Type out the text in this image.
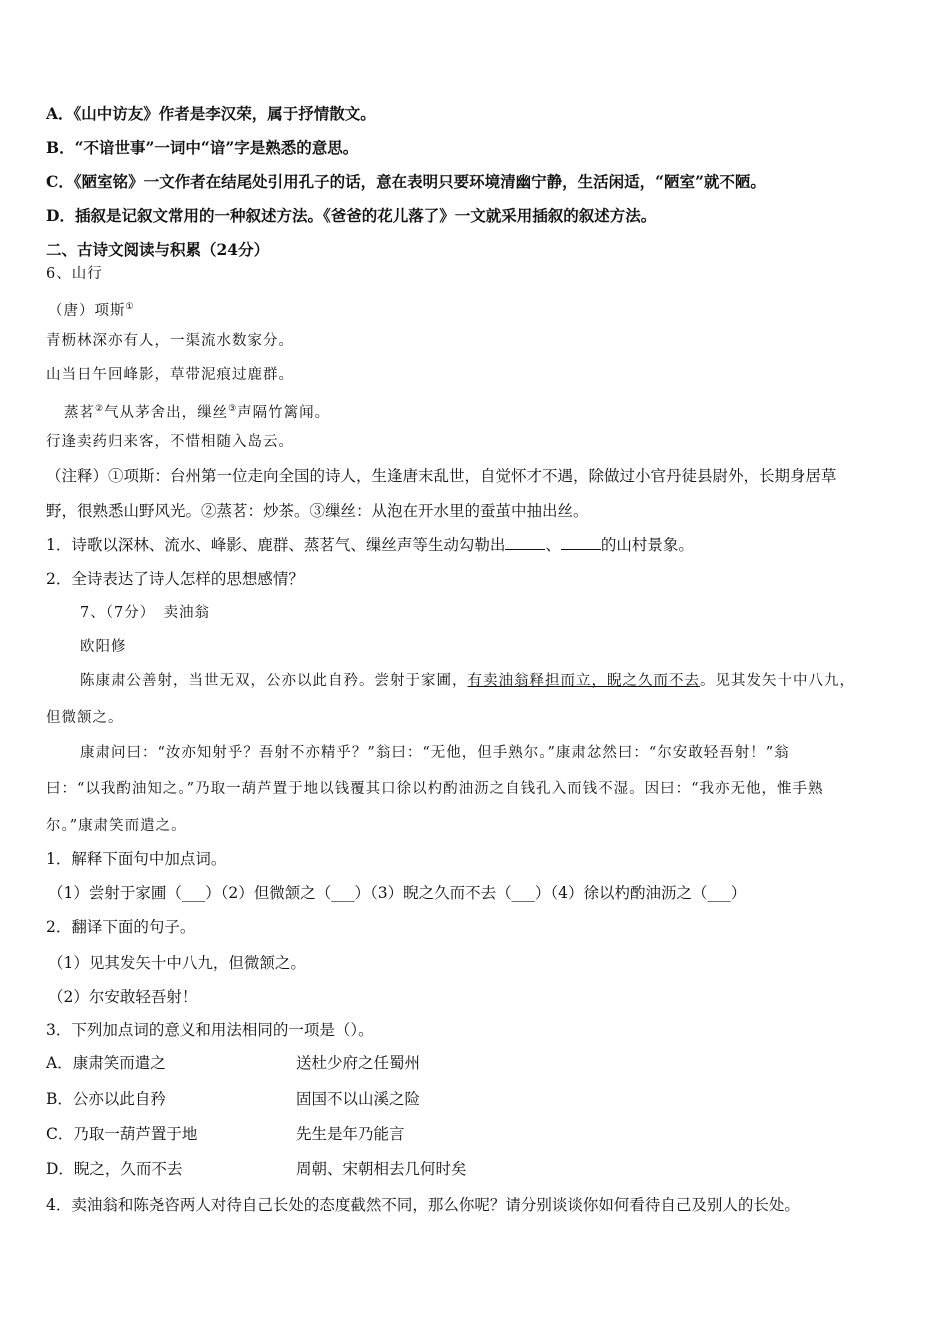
A．《山中访友》作者是李汉荣，属于抒情散文。
B．“不谙世事”一词中“谙”字是熟悉的意思。
C．《陋室铭》一文作者在结尾处引用孔子的话，意在表明只要环境清幽宁静，生活闲适，“陋室”就不陋。
D．插叙是记叙文常用的一种叙述方法。《爸爸的花儿落了》一文就采用插叙的叙述方法。
二、古诗文阅读与积累（24分）
6、山行
（唐）项斯①
青枥林深亦有人，一渠流水数家分。
山当日午回峰影，草带泥痕过鹿群。
蒸茗②气从茅舍出，缫丝③声隔竹篱闻。
行逢卖药归来客，不惜相随入岛云。
（注释）①项斯：台州第一位走向全国的诗人，生逢唐末乱世，自觉怀才不遇，除做过小官丹徒县尉外，长期身居草
野，很熟悉山野风光。②蒸茗：炒茶。③缫丝：从泡在开水里的蚕茧中抽出丝。
1．诗歌以深林、流水、峰影、鹿群、蒸茗气、缫丝声等生动勾勒出	、	的山村景象。
2．全诗表达了诗人怎样的思想感情？
7、（7分）　卖油翁
欧阳修
陈康肃公善射，当世无双，公亦以此自矜。尝射于家圃，有卖油翁释担而立，睨之久而不去。见其发矢十中八九，
但微颔之。
康肃问曰：“汝亦知射乎？吾射不亦精乎？”翁曰：“无他，但手熟尔。”康肃忿然曰：“尔安敢轻吾射！”翁
曰：“以我酌油知之。”乃取一葫芦置于地以钱覆其口徐以杓酌油沥之自钱孔入而钱不湿。因曰：“我亦无他，惟手熟
尔。”康肃笑而遣之。
1．解释下面句中加点词。
（1）尝射于家圃（___）（2）但微颔之（___）（3）睨之久而不去（___）（4）徐以杓酌油沥之（___）
2．翻译下面的句子。
（1）见其发矢十中八九，但微颔之。
（2）尔安敢轻吾射！
3．下列加点词的意义和用法相同的一项是（）。
A．康肃笑而遣之	送杜少府之任蜀州
B．公亦以此自矜	固国不以山溪之险
C．乃取一葫芦置于地	先生是年乃能言
D．睨之，久而不去	周朝、宋朝相去几何时矣
4．卖油翁和陈尧咨两人对待自己长处的态度截然不同，那么你呢？请分别谈谈你如何看待自己及别人的长处。
